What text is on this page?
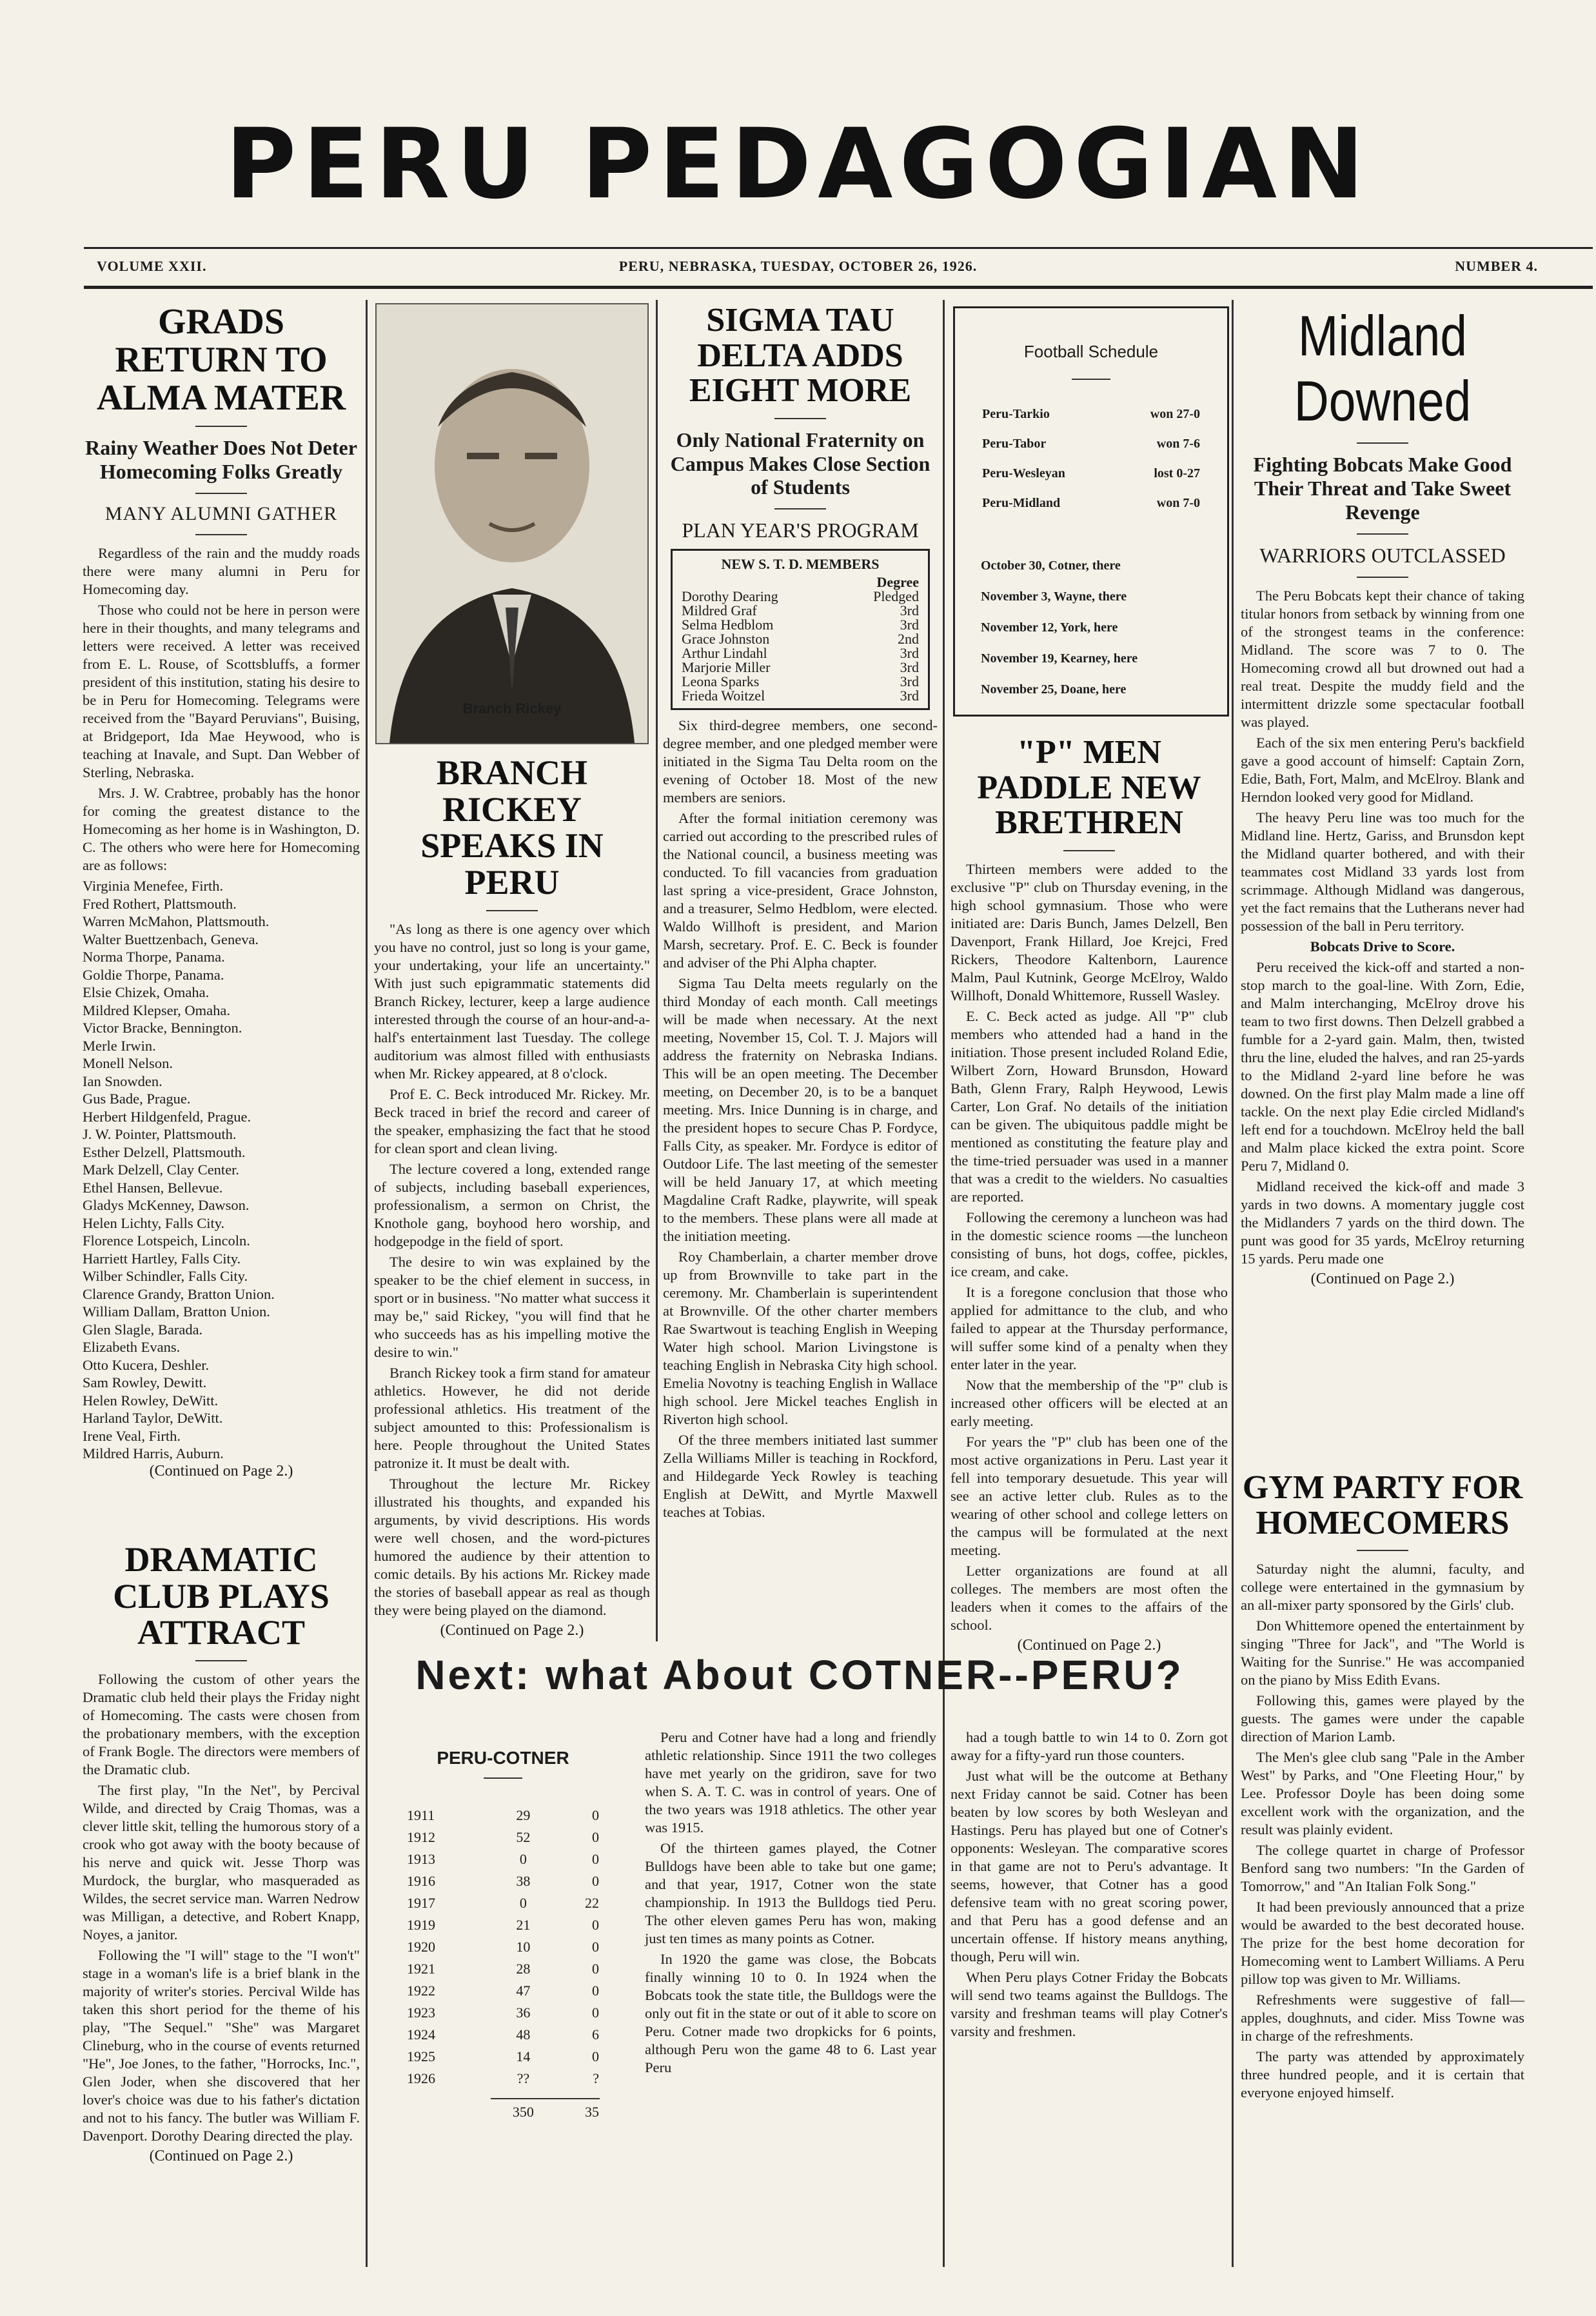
PERU PEDAGOGIAN
VOLUME XXII.	PERU, NEBRASKA, TUESDAY, OCTOBER 26, 1926.	NUMBER 4.
GRADS RETURN TO ALMA MATER
Rainy Weather Does Not Deter Homecoming Folks Greatly
MANY ALUMNI GATHER

Regardless of the rain and the muddy roads there were many alumni in Peru for Homecoming day.

Those who could not be here in person were here in their thoughts, and many telegrams and letters were received. A letter was received from E. L. Rouse, of Scottsbluffs, a former president of this institution, stating his desire to be in Peru for Homecoming. Telegrams were received from the "Bayard Peruvians", Buising, at Bridgeport, Ida Mae Heywood, who is teaching at Inavale, and Supt. Dan Webber of Sterling, Nebraska.

Mrs. J. W. Crabtree, probably has the honor for coming the greatest distance to the Homecoming as her home is in Washington, D. C. The others who were here for Homecoming are as follows:

Virginia Menefee, Firth.
Fred Rothert, Plattsmouth.
Warren McMahon, Plattsmouth.
Walter Buettzenbach, Geneva.
Norma Thorpe, Panama.
Goldie Thorpe, Panama.
Elsie Chizek, Omaha.
Mildred Klepser, Omaha.
Victor Bracke, Bennington.
Merle Irwin.
Monell Nelson.
Ian Snowden.
Gus Bade, Prague.
Herbert Hildgenfeld, Prague.
J. W. Pointer, Plattsmouth.
Esther Delzell, Plattsmouth.
Mark Delzell, Clay Center.
Ethel Hansen, Bellevue.
Gladys McKenney, Dawson.
Helen Lichty, Falls City.
Florence Lotspeich, Lincoln.
Harriett Hartley, Falls City.
Wilber Schindler, Falls City.
Clarence Grandy, Bratton Union.
William Dallam, Bratton Union.
Glen Slagle, Barada.
Elizabeth Evans.
Otto Kucera, Deshler.
Sam Rowley, Dewitt.
Helen Rowley, DeWitt.
Harland Taylor, DeWitt.
Irene Veal, Firth.
Mildred Harris, Auburn.
(Continued on Page 2.)
DRAMATIC CLUB PLAYS ATTRACT

Following the custom of other years the Dramatic club held their plays the Friday night of Homecoming. The casts were chosen from the probationary members, with the exception of Frank Bogle. The directors were members of the Dramatic club.

The first play, "In the Net", by Percival Wilde, and directed by Craig Thomas, was a clever little skit, telling the humorous story of a crook who got away with the booty because of his nerve and quick wit. Jesse Thorp was Murdock, the burglar, who masqueraded as Wildes, the secret service man. Warren Nedrow was Milligan, a detective, and Robert Knapp, Noyes, a janitor.

Following the "I will" stage to the "I won't" stage in a woman's life is a brief blank in the majority of writer's stories. Percival Wilde has taken this short period for the theme of his play, "The Sequel." "She" was Margaret Clineburg, who in the course of events returned "He", Joe Jones, to the father, "Horrocks, Inc.", Glen Joder, when she discovered that her lover's choice was due to his father's dictation and not to his fancy. The butler was William F. Davenport. Dorothy Dearing directed the play.

(Continued on Page 2.)
Branch Rickey
BRANCH RICKEY SPEAKS IN PERU

"As long as there is one agency over which you have no control, just so long is your game, your undertaking, your life an uncertainty." With just such epigrammatic statements did Branch Rickey, lecturer, keep a large audience interested through the course of an hour-and-a-half's entertainment last Tuesday. The college auditorium was almost filled with enthusiasts when Mr. Rickey appeared, at 8 o'clock.

Prof E. C. Beck introduced Mr. Rickey. Mr. Beck traced in brief the record and career of the speaker, emphasizing the fact that he stood for clean sport and clean living.

The lecture covered a long, extended range of subjects, including baseball experiences, professionalism, a sermon on Christ, the Knothole gang, boyhood hero worship, and hodgepodge in the field of sport.

The desire to win was explained by the speaker to be the chief element in success, in sport or in business. "No matter what success it may be," said Rickey, "you will find that he who succeeds has as his impelling motive the desire to win."

Branch Rickey took a firm stand for amateur athletics. However, he did not deride professional athletics. His treatment of the subject amounted to this: Professionalism is here. People throughout the United States patronize it. It must be dealt with.

Throughout the lecture Mr. Rickey illustrated his thoughts, and expanded his arguments, by vivid descriptions. His words were well chosen, and the word-pictures humored the audience by their attention to comic details. By his actions Mr. Rickey made the stories of baseball appear as real as though they were being played on the diamond.

(Continued on Page 2.)
SIGMA TAU DELTA ADDS EIGHT MORE
Only National Fraternity on Campus Makes Close Section of Students
PLAN YEAR'S PROGRAM
NEW S. T. D. MEMBERS
	Degree
Dorothy Dearing	Pledged
Mildred Graf	3rd
Selma Hedblom	3rd
Grace Johnston	2nd
Arthur Lindahl	3rd
Marjorie Miller	3rd
Leona Sparks	3rd
Frieda Woitzel	3rd

Six third-degree members, one second-degree member, and one pledged member were initiated in the Sigma Tau Delta room on the evening of October 18. Most of the new members are seniors.

After the formal initiation ceremony was carried out according to the prescribed rules of the National council, a business meeting was conducted. To fill vacancies from graduation last spring a vice-president, Grace Johnston, and a treasurer, Selmo Hedblom, were elected. Waldo Willhoft is president, and Marion Marsh, secretary. Prof. E. C. Beck is founder and adviser of the Phi Alpha chapter.

Sigma Tau Delta meets regularly on the third Monday of each month. Call meetings will be made when necessary. At the next meeting, November 15, Col. T. J. Majors will address the fraternity on Nebraska Indians. This will be an open meeting. The December meeting, on December 20, is to be a banquet meeting. Mrs. Inice Dunning is in charge, and the president hopes to secure Chas P. Fordyce, Falls City, as speaker. Mr. Fordyce is editor of Outdoor Life. The last meeting of the semester will be held January 17, at which meeting Magdaline Craft Radke, playwrite, will speak to the members. These plans were all made at the initiation meeting.

Roy Chamberlain, a charter member drove up from Brownville to take part in the ceremony. Mr. Chamberlain is superintendent at Brownville. Of the other charter members Rae Swartwout is teaching English in Weeping Water high school. Marion Livingstone is teaching English in Nebraska City high school. Emelia Novotny is teaching English in Wallace high school. Jere Mickel teaches English in Riverton high school.

Of the three members initiated last summer Zella Williams Miller is teaching in Rockford, and Hildegarde Yeck Rowley is teaching English at DeWitt, and Myrtle Maxwell teaches at Tobias.

Football Schedule
Peru-Tarkio	won 27-0
Peru-Tabor	won 7-6
Peru-Wesleyan	lost 0-27
Peru-Midland	won 7-0
October 30, Cotner, there
November 3, Wayne, there
November 12, York, here
November 19, Kearney, here
November 25, Doane, here
"P" MEN PADDLE NEW BRETHREN

Thirteen members were added to the exclusive "P" club on Thursday evening, in the high school gymnasium. Those who were initiated are: Daris Bunch, James Delzell, Ben Davenport, Frank Hillard, Joe Krejci, Fred Rickers, Theodore Kaltenborn, Laurence Malm, Paul Kutnink, George McElroy, Waldo Willhoft, Donald Whittemore, Russell Wasley.

E. C. Beck acted as judge. All "P" club members who attended had a hand in the initiation. Those present included Roland Edie, Wilbert Zorn, Howard Brunsdon, Howard Bath, Glenn Frary, Ralph Heywood, Lewis Carter, Lon Graf. No details of the initiation can be given. The ubiquitous paddle might be mentioned as constituting the feature play and the time-tried persuader was used in a manner that was a credit to the wielders. No casualties are reported.

Following the ceremony a luncheon was had in the domestic science rooms —the luncheon consisting of buns, hot dogs, coffee, pickles, ice cream, and cake.

It is a foregone conclusion that those who applied for admittance to the club, and who failed to appear at the Thursday performance, will suffer some kind of a penalty when they enter later in the year.

Now that the membership of the "P" club is increased other officers will be elected at an early meeting.

For years the "P" club has been one of the most active organizations in Peru. Last year it fell into temporary desuetude. This year will see an active letter club. Rules as to the wearing of other school and college letters on the campus will be formulated at the next meeting.

Letter organizations are found at all colleges. The members are most often the leaders when it comes to the affairs of the school.

(Continued on Page 2.)
Midland Downed
Fighting Bobcats Make Good Their Threat and Take Sweet Revenge
WARRIORS OUTCLASSED

The Peru Bobcats kept their chance of taking titular honors from setback by winning from one of the strongest teams in the conference: Midland. The score was 7 to 0. The Homecoming crowd all but drowned out had a real treat. Despite the muddy field and the intermittent drizzle some spectacular football was played.

Each of the six men entering Peru's backfield gave a good account of himself: Captain Zorn, Edie, Bath, Fort, Malm, and McElroy. Blank and Herndon looked very good for Midland.

The heavy Peru line was too much for the Midland line. Hertz, Gariss, and Brunsdon kept the Midland quarter bothered, and with their teammates cost Midland 33 yards lost from scrimmage. Although Midland was dangerous, yet the fact remains that the Lutherans never had possession of the ball in Peru territory.

Bobcats Drive to Score.

Peru received the kick-off and started a non-stop march to the goal-line. With Zorn, Edie, and Malm interchanging, McElroy drove his team to two first downs. Then Delzell grabbed a fumble for a 2-yard gain. Malm, then, twisted thru the line, eluded the halves, and ran 25-yards to the Midland 2-yard line before he was downed. On the first play Malm made a line off tackle. On the next play Edie circled Midland's left end for a touchdown. McElroy held the ball and Malm place kicked the extra point. Score Peru 7, Midland 0.

Midland received the kick-off and made 3 yards in two downs. A momentary juggle cost the Midlanders 7 yards on the third down. The punt was good for 35 yards, McElroy returning 15 yards. Peru made one

(Continued on Page 2.)
GYM PARTY FOR HOMECOMERS

Saturday night the alumni, faculty, and college were entertained in the gymnasium by an all-mixer party sponsored by the Girls' club.

Don Whittemore opened the entertainment by singing "Three for Jack", and "The World is Waiting for the Sunrise." He was accompanied on the piano by Miss Edith Evans.

Following this, games were played by the guests. The games were under the capable direction of Marion Lamb.

The Men's glee club sang "Pale in the Amber West" by Parks, and "One Fleeting Hour," by Lee. Professor Doyle has been doing some excellent work with the organization, and the result was plainly evident.

The college quartet in charge of Professor Benford sang two numbers: "In the Garden of Tomorrow," and "An Italian Folk Song."

It had been previously announced that a prize would be awarded to the best decorated house. The prize for the best home decoration for Homecoming went to Lambert Williams. A Peru pillow top was given to Mr. Williams.

Refreshments were suggestive of fall—apples, doughnuts, and cider. Miss Towne was in charge of the refreshments.

The party was attended by approximately three hundred people, and it is certain that everyone enjoyed himself.

Next: what About COTNER--PERU?
PERU-COTNER
1911	29	0
1912	52	0
1913	0	0
1916	38	0
1917	0	22
1919	21	0
1920	10	0
1921	28	0
1922	47	0
1923	36	0
1924	48	6
1925	14	0
1926	??	?

	350	35

Peru and Cotner have had a long and friendly athletic relationship. Since 1911 the two colleges have met yearly on the gridiron, save for two when S. A. T. C. was in control of years. One of the two years was 1918 athletics. The other year was 1915.

Of the thirteen games played, the Cotner Bulldogs have been able to take but one game; and that year, 1917, Cotner won the state championship. In 1913 the Bulldogs tied Peru. The other eleven games Peru has won, making just ten times as many points as Cotner.

In 1920 the game was close, the Bobcats finally winning 10 to 0. In 1924 when the Bobcats took the state title, the Bulldogs were the only out fit in the state or out of it able to score on Peru. Cotner made two dropkicks for 6 points, although Peru won the game 48 to 6. Last year Peru

had a tough battle to win 14 to 0. Zorn got away for a fifty-yard run those counters.

Just what will be the outcome at Bethany next Friday cannot be said. Cotner has been beaten by low scores by both Wesleyan and Hastings. Peru has played but one of Cotner's opponents: Wesleyan. The comparative scores in that game are not to Peru's advantage. It seems, however, that Cotner has a good defensive team with no great scoring power, and that Peru has a good defense and an uncertain offense. If history means anything, though, Peru will win.

When Peru plays Cotner Friday the Bobcats will send two teams against the Bulldogs. The varsity and freshman teams will play Cotner's varsity and freshmen.
